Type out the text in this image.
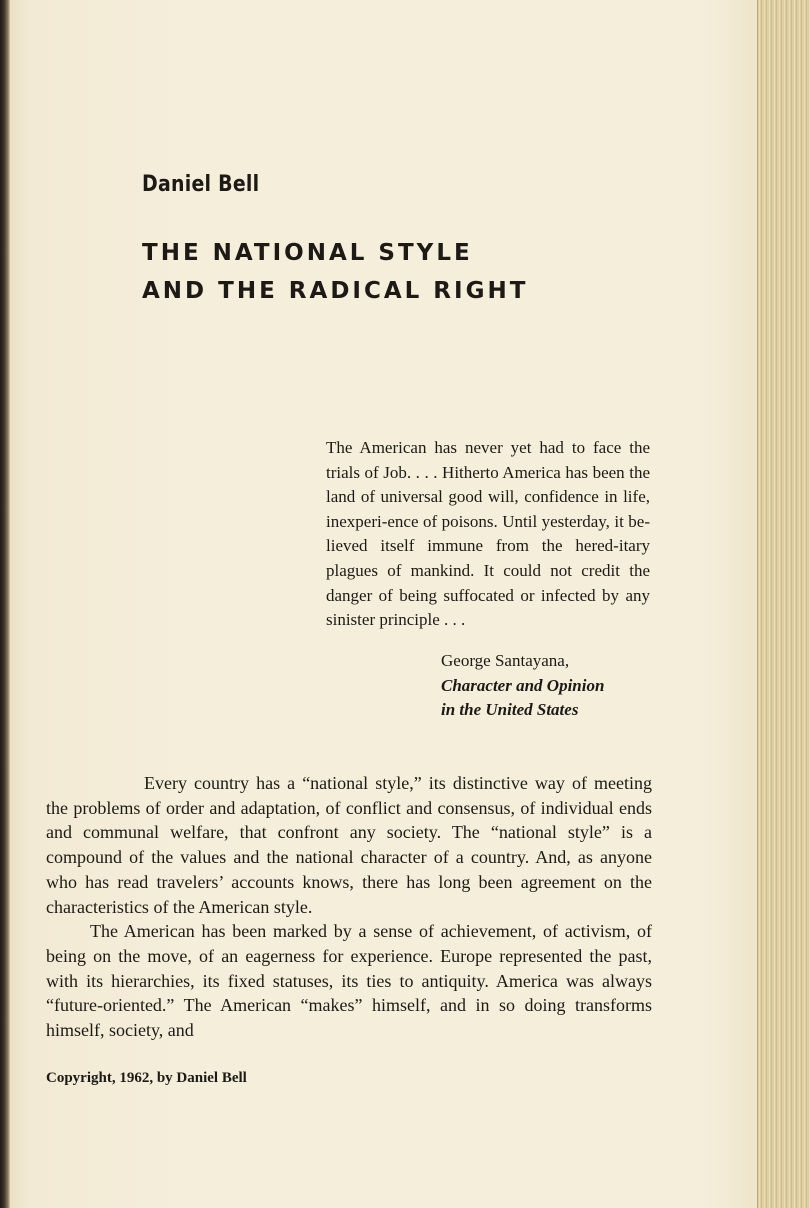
Daniel Bell
THE NATIONAL STYLE
AND THE RADICAL RIGHT

The American has never yet had to face the trials of Job. . . . Hitherto America has been the land of universal good will, confidence in life, inexperi-ence of poisons. Until yesterday, it be-lieved itself immune from the hered-itary plagues of mankind. It could not credit the danger of being suffocated or infected by any sinister principle . . .

George Santayana,
Character and Opinion
in the United States

Every country has a “national style,” its distinctive way of meeting the problems of order and adaptation, of conflict and consensus, of individual ends and communal welfare, that confront any society. The “national style” is a compound of the values and the national character of a country. And, as anyone who has read travelers’ accounts knows, there has long been agreement on the characteristics of the American style.

The American has been marked by a sense of achievement, of activism, of being on the move, of an eagerness for experience. Europe represented the past, with its hierarchies, its fixed statuses, its ties to antiquity. America was always “future-oriented.” The American “makes” himself, and in so doing transforms himself, society, and

Copyright, 1962, by Daniel Bell
